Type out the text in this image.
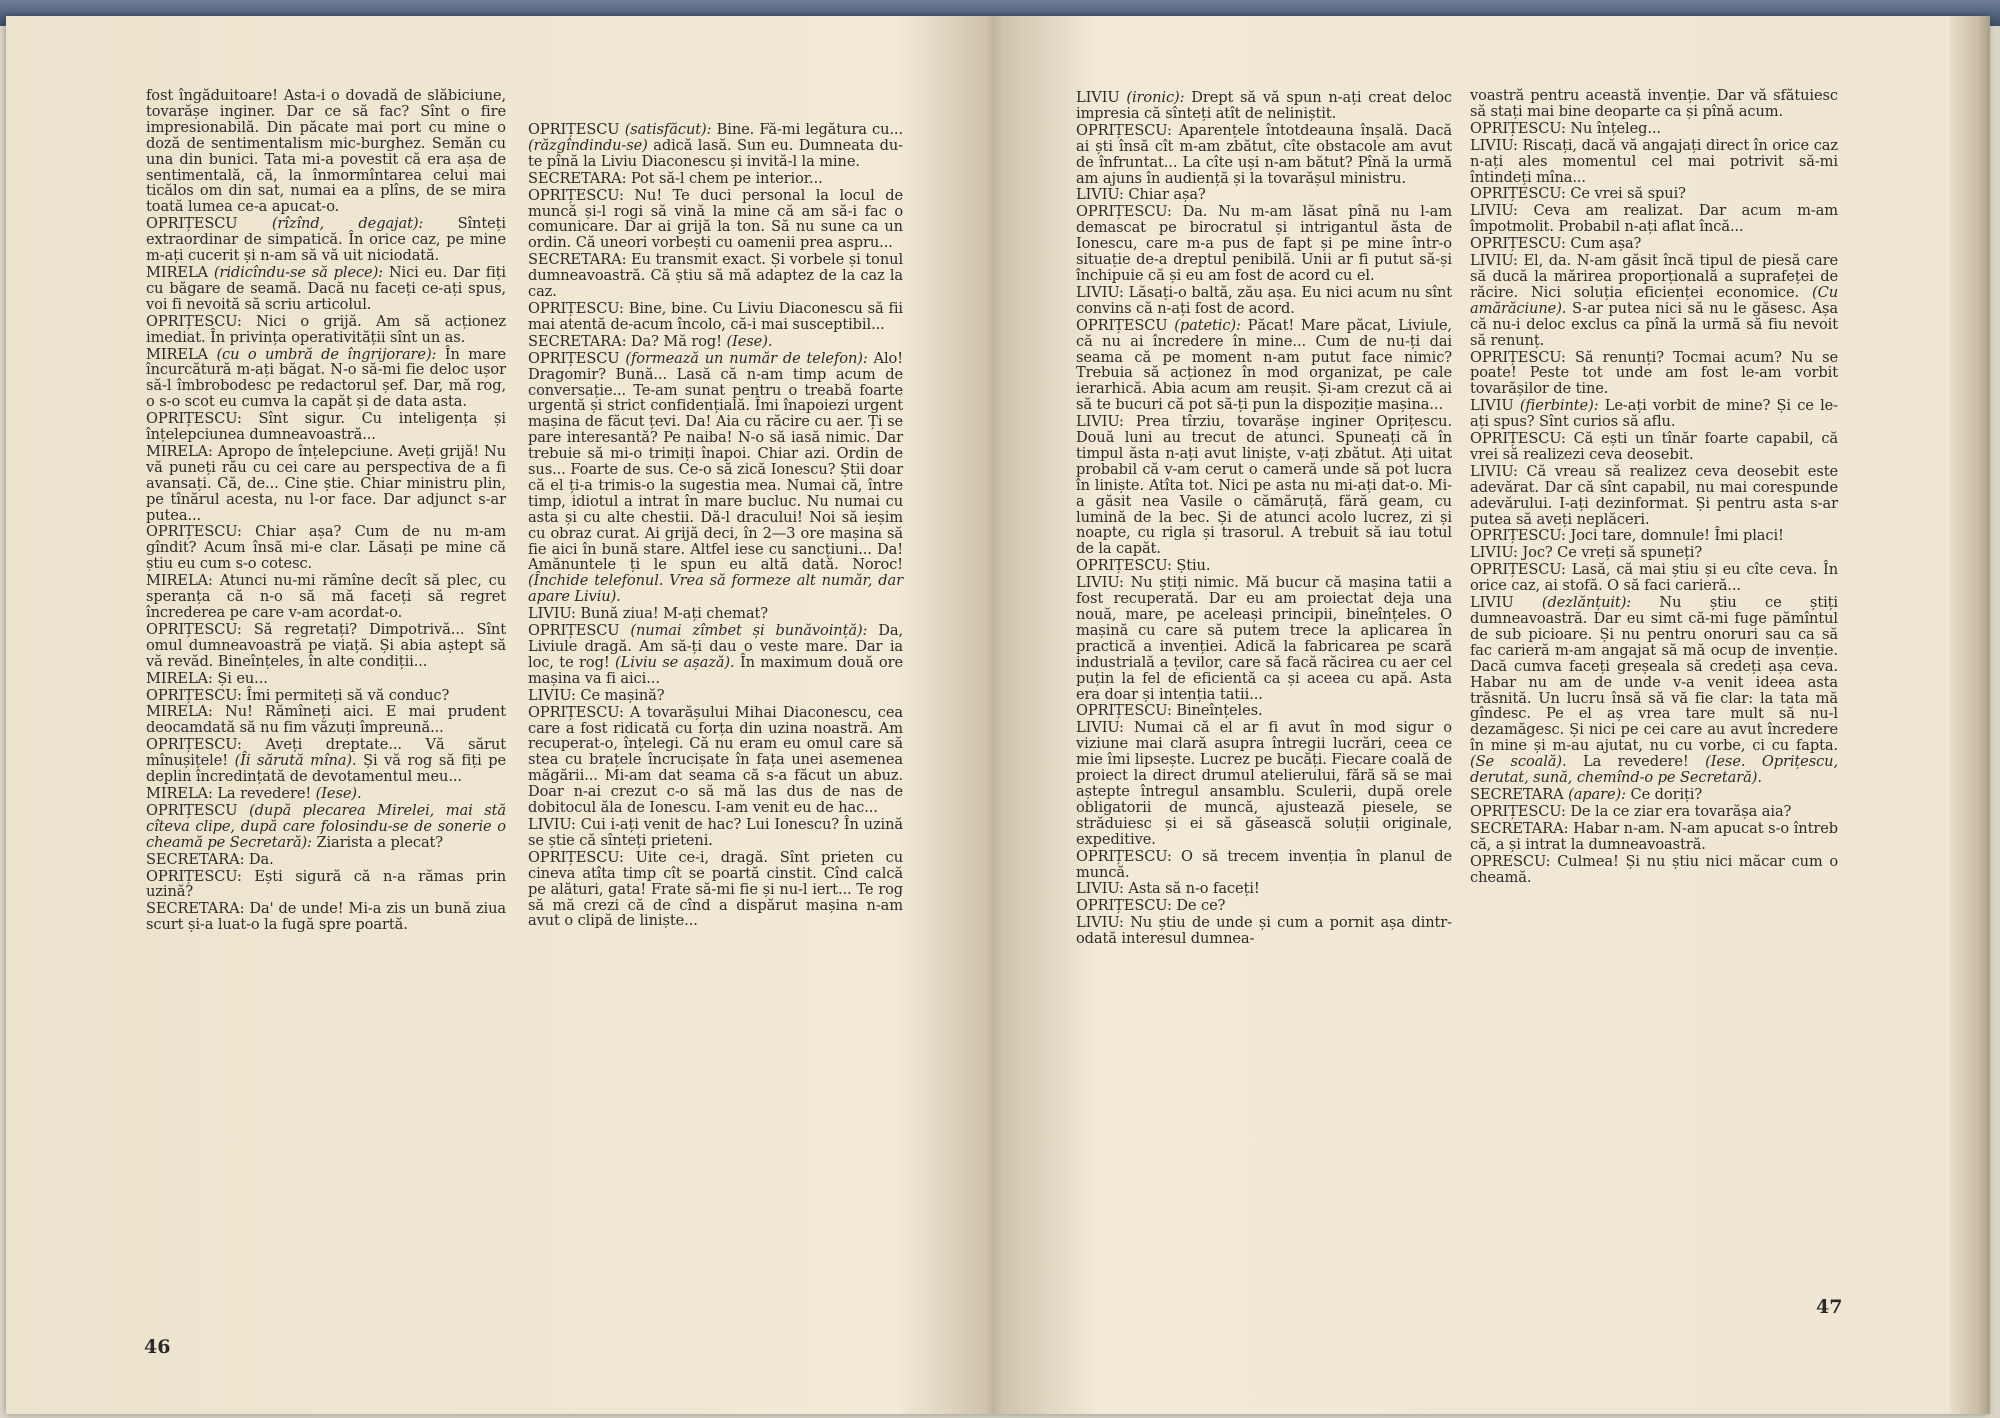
fost îngăduitoare! Asta-i o dovadă de slăbiciune, tovarășe inginer. Dar ce să fac? Sînt o fire impresionabilă. Din păcate mai port cu mine o doză de sentimentalism mic-burghez. Semăn cu una din bunici. Tata mi-a povestit că era așa de sentimentală, că, la înmormîntarea celui mai ticălos om din sat, numai ea a plîns, de se mira toată lumea ce-a apucat-o.

OPRIȚESCU (rîzînd, degajat): Sînteți extraordinar de simpatică. În orice caz, pe mine m-ați cucerit și n-am să vă uit niciodată.

MIRELA (ridicîndu-se să plece): Nici eu. Dar fiți cu băgare de seamă. Dacă nu faceți ce-ați spus, voi fi nevoită să scriu articolul.

OPRIȚESCU: Nici o grijă. Am să acționez imediat. În privința operativității sînt un as.

MIRELA (cu o umbră de îngrijorare): În mare încurcătură m-ați băgat. N-o să-mi fie deloc ușor să-l îmbrobodesc pe redactorul șef. Dar, mă rog, o s-o scot eu cumva la capăt și de data asta.

OPRIȚESCU: Sînt sigur. Cu inteligența și înțelepciunea dumneavoastră...

MIRELA: Apropo de înțelepciune. Aveți grijă! Nu vă puneți rău cu cei care au perspectiva de a fi avansați. Că, de... Cine știe. Chiar ministru plin, pe tînărul acesta, nu l-or face. Dar adjunct s-ar putea...

OPRIȚESCU: Chiar așa? Cum de nu m-am gîndit? Acum însă mi-e clar. Lăsați pe mine că știu eu cum s-o cotesc.

MIRELA: Atunci nu-mi rămîne decît să plec, cu speranța că n-o să mă faceți să regret încrederea pe care v-am acordat-o.

OPRIȚESCU: Să regretați? Dimpotrivă... Sînt omul dumneavoastră pe viață. Și abia aștept să vă revăd. Bineînțeles, în alte condiții...

MIRELA: Și eu...

OPRIȚESCU: Îmi permiteți să vă conduc?

MIRELA: Nu! Rămîneți aici. E mai prudent deocamdată să nu fim văzuți împreună...

OPRIȚESCU: Aveți dreptate... Vă sărut mînușițele! (Îi sărută mîna). Și vă rog să fiți pe deplin încredințată de devotamentul meu...

MIRELA: La revedere! (Iese).

OPRIȚESCU (după plecarea Mirelei, mai stă cîteva clipe, după care folosindu-se de sonerie o cheamă pe Secretară): Ziarista a plecat?

SECRETARA: Da.

OPRIȚESCU: Ești sigură că n-a rămas prin uzină?

SECRETARA: Da' de unde! Mi-a zis un bună ziua scurt și-a luat-o la fugă spre poartă.

OPRIȚESCU (satisfăcut): Bine. Fă-mi legătura cu... (răzgîndindu-se) adică lasă. Sun eu. Dumneata du-te pînă la Liviu Diaconescu și invită-l la mine.

SECRETARA: Pot să-l chem pe interior...

OPRIȚESCU: Nu! Te duci personal la locul de muncă și-l rogi să vină la mine că am să-i fac o comunicare. Dar ai grijă la ton. Să nu sune ca un ordin. Că uneori vorbești cu oamenii prea aspru...

SECRETARA: Eu transmit exact. Și vorbele și tonul dumneavoastră. Că știu să mă adaptez de la caz la caz.

OPRIȚESCU: Bine, bine. Cu Liviu Diaconescu să fii mai atentă de-acum încolo, că-i mai susceptibil...

SECRETARA: Da? Mă rog! (Iese).

OPRIȚESCU (formează un număr de telefon): Alo! Dragomir? Bună... Lasă că n-am timp acum de conversație... Te-am sunat pentru o treabă foarte urgentă și strict confidențială. Îmi înapoiezi urgent mașina de făcut țevi. Da! Aia cu răcire cu aer. Ți se pare interesantă? Pe naiba! N-o să iasă nimic. Dar trebuie să mi-o trimiți înapoi. Chiar azi. Ordin de sus... Foarte de sus. Ce-o să zică Ionescu? Știi doar că el ți-a trimis-o la sugestia mea. Numai că, între timp, idiotul a intrat în mare bucluc. Nu numai cu asta și cu alte chestii. Dă-l dracului! Noi să ieșim cu obraz curat. Ai grijă deci, în 2—3 ore mașina să fie aici în bună stare. Altfel iese cu sancțiuni... Da! Amănuntele ți le spun eu altă dată. Noroc! (Închide telefonul. Vrea să formeze alt număr, dar apare Liviu).

LIVIU: Bună ziua! M-ați chemat?

OPRIȚESCU (numai zîmbet și bunăvoință): Da, Liviule dragă. Am să-ți dau o veste mare. Dar ia loc, te rog! (Liviu se așază). În maximum două ore mașina va fi aici...

LIVIU: Ce mașină?

OPRIȚESCU: A tovarășului Mihai Diaconescu, cea care a fost ridicată cu forța din uzina noastră. Am recuperat-o, înțelegi. Că nu eram eu omul care să stea cu brațele încrucișate în fața unei asemenea măgării... Mi-am dat seama că s-a făcut un abuz. Doar n-ai crezut c-o să mă las dus de nas de dobitocul ăla de Ionescu. I-am venit eu de hac...

LIVIU: Cui i-ați venit de hac? Lui Ionescu? În uzină se știe că sînteți prieteni.

OPRIȚESCU: Uite ce-i, dragă. Sînt prieten cu cineva atîta timp cît se poartă cinstit. Cînd calcă pe alături, gata! Frate să-mi fie și nu-l iert... Te rog să mă crezi că de cînd a dispărut mașina n-am avut o clipă de liniște...

LIVIU (ironic): Drept să vă spun n-ați creat deloc impresia că sînteți atît de neliniștit.

OPRIȚESCU: Aparențele întotdeauna înșală. Dacă ai ști însă cît m-am zbătut, cîte obstacole am avut de înfruntat... La cîte uși n-am bătut? Pînă la urmă am ajuns în audiență și la tovarășul ministru.

LIVIU: Chiar așa?

OPRIȚESCU: Da. Nu m-am lăsat pînă nu l-am demascat pe birocratul și intrigantul ăsta de Ionescu, care m-a pus de fapt și pe mine într-o situație de-a dreptul penibilă. Unii ar fi putut să-și închipuie că și eu am fost de acord cu el.

LIVIU: Lăsați-o baltă, zău așa. Eu nici acum nu sînt convins că n-ați fost de acord.

OPRIȚESCU (patetic): Păcat! Mare păcat, Liviule, că nu ai încredere în mine... Cum de nu-ți dai seama că pe moment n-am putut face nimic? Trebuia să acționez în mod organizat, pe cale ierarhică. Abia acum am reușit. Și-am crezut că ai să te bucuri că pot să-ți pun la dispoziție mașina...

LIVIU: Prea tîrziu, tovarășe inginer Oprițescu. Două luni au trecut de atunci. Spuneați că în timpul ăsta n-ați avut liniște, v-ați zbătut. Ați uitat probabil că v-am cerut o cameră unde să pot lucra în liniște. Atîta tot. Nici pe asta nu mi-ați dat-o. Mi-a găsit nea Vasile o cămăruță, fără geam, cu lumină de la bec. Și de atunci acolo lucrez, zi și noapte, cu rigla și trasorul. A trebuit să iau totul de la capăt.

OPRIȚESCU: Știu.

LIVIU: Nu știți nimic. Mă bucur că mașina tatii a fost recuperată. Dar eu am proiectat deja una nouă, mare, pe aceleași principii, bineînțeles. O mașină cu care să putem trece la aplicarea în practică a invenției. Adică la fabricarea pe scară industrială a țevilor, care să facă răcirea cu aer cel puțin la fel de eficientă ca și aceea cu apă. Asta era doar și intenția tatii...

OPRIȚESCU: Bineînțeles.

LIVIU: Numai că el ar fi avut în mod sigur o viziune mai clară asupra întregii lucrări, ceea ce mie îmi lipsește. Lucrez pe bucăți. Fiecare coală de proiect la direct drumul atelierului, fără să se mai aștepte întregul ansamblu. Sculerii, după orele obligatorii de muncă, ajustează piesele, se străduiesc și ei să găsească soluții originale, expeditive.

OPRIȚESCU: O să trecem invenția în planul de muncă.

LIVIU: Asta să n-o faceți!

OPRIȚESCU: De ce?

LIVIU: Nu știu de unde și cum a pornit așa dintr-odată interesul dumnea-

voastră pentru această invenție. Dar vă sfătuiesc să stați mai bine deoparte ca și pînă acum.

OPRIȚESCU: Nu înțeleg...

LIVIU: Riscați, dacă vă angajați direct în orice caz n-ați ales momentul cel mai potrivit să-mi întindeți mîna...

OPRIȚESCU: Ce vrei să spui?

LIVIU: Ceva am realizat. Dar acum m-am împotmolit. Probabil n-ați aflat încă...

OPRIȚESCU: Cum așa?

LIVIU: El, da. N-am găsit încă tipul de piesă care să ducă la mărirea proporțională a suprafeței de răcire. Nici soluția eficienței economice. (Cu amărăciune). S-ar putea nici să nu le găsesc. Așa că nu-i deloc exclus ca pînă la urmă să fiu nevoit să renunț.

OPRIȚESCU: Să renunți? Tocmai acum? Nu se poate! Peste tot unde am fost le-am vorbit tovarășilor de tine.

LIVIU (fierbinte): Le-ați vorbit de mine? Și ce le-ați spus? Sînt curios să aflu.

OPRIȚESCU: Că ești un tînăr foarte capabil, că vrei să realizezi ceva deosebit.

LIVIU: Că vreau să realizez ceva deosebit este adevărat. Dar că sînt capabil, nu mai corespunde adevărului. I-ați dezinformat. Și pentru asta s-ar putea să aveți neplăceri.

OPRIȚESCU: Joci tare, domnule! Îmi placi!

LIVIU: Joc? Ce vreți să spuneți?

OPRIȚESCU: Lasă, că mai știu și eu cîte ceva. În orice caz, ai stofă. O să faci carieră...

LIVIU (dezlănțuit): Nu știu ce știți dumneavoastră. Dar eu simt că-mi fuge pămîntul de sub picioare. Și nu pentru onoruri sau ca să fac carieră m-am angajat să mă ocup de invenție. Dacă cumva faceți greșeala să credeți așa ceva. Habar nu am de unde v-a venit ideea asta trăsnită. Un lucru însă să vă fie clar: la tata mă gîndesc. Pe el aș vrea tare mult să nu-l dezamăgesc. Și nici pe cei care au avut încredere în mine și m-au ajutat, nu cu vorbe, ci cu fapta. (Se scoală). La revedere! (Iese. Oprițescu, derutat, sună, chemînd-o pe Secretară).

SECRETARA (apare): Ce doriți?

OPRIȚESCU: De la ce ziar era tovarășa aia?

SECRETARA: Habar n-am. N-am apucat s-o întreb că, a și intrat la dumneavoastră.

OPRESCU: Culmea! Și nu știu nici măcar cum o cheamă.

46
47
